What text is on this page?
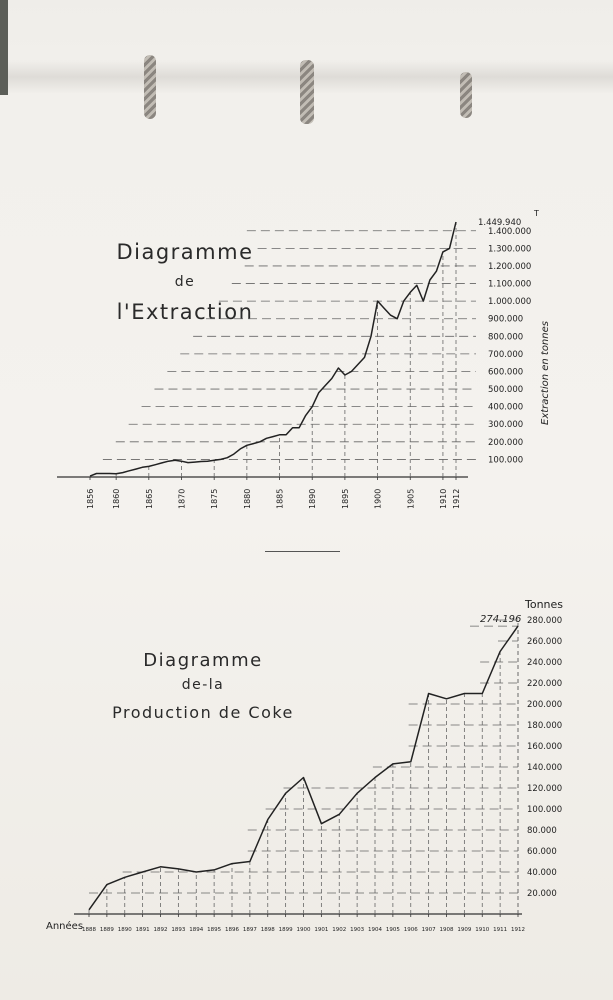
Diagramme
de
l'Extraction
100.000
200.000
300.000
400.000
500.000
600.000
700.000
800.000
900.000
1.000.000
1.100.000
1.200.000
1.300.000
1.400.000
1.449.940
T
1856 1860	1865	1870	1875	1880	1885	1890	1895	1900	1905	1910 1912
Extraction en tonnes
Diagramme
de-la
Production de Coke
Tonnes
Années
274.196
20.000
40.000
60.000
80.000
100.000
120.000
140.000
160.000
180.000
200.000
220.000
240.000
260.000
280.000
1888 1889 1890 1891 1892 1893 1894 1895 1896 1897 1898 1899 1900 1901 1902 1903 1904 1905 1906 1907 1908 1909 1910 1911 1912
